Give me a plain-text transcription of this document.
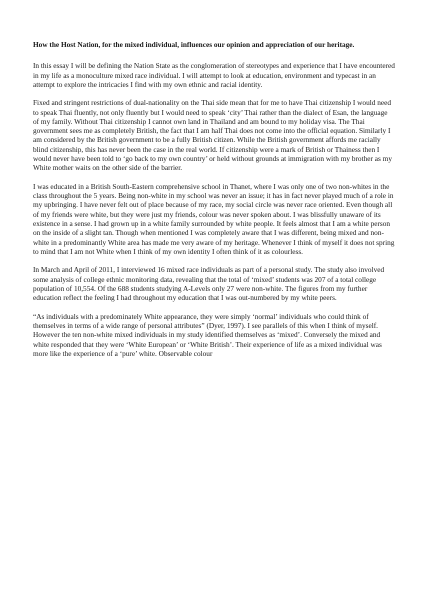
How the Host Nation, for the mixed individual, influences our opinion and appreciation of our heritage.

In this essay I will be defining the Nation State as the conglomeration of stereotypes and experience that I have encountered in my life as a monoculture mixed race individual. I will attempt to look at education, environment and typecast in an attempt to explore the intricacies I find with my own ethnic and racial identity.

Fixed and stringent restrictions of dual-nationality on the Thai side mean that for me to have Thai citizenship I would need to speak Thai fluently, not only fluently but I would need to speak ‘city’ Thai rather than the dialect of Esan, the language of my family. Without Thai citizenship I cannot own land in Thailand and am bound to my holiday visa. The Thai government sees me as completely British, the fact that I am half Thai does not come into the official equation. Similarly I am considered by the British government to be a fully British citizen. While the British government affords me racially blind citizenship, this has never been the case in the real world. If citizenship were a mark of British or Thainess then I would never have been told to ‘go back to my own country’ or held without grounds at immigration with my brother as my White mother waits on the other side of the barrier.

I was educated in a British South-Eastern comprehensive school in Thanet, where I was only one of two non-whites in the class throughout the 5 years. Being non-white in my school was never an issue; it has in fact never played much of a role in my upbringing. I have never felt out of place because of my race, my social circle was never race oriented. Even though all of my friends were white, but they were just my friends, colour was never spoken about. I was blissfully unaware of its existence in a sense. I had grown up in a white family surrounded by white people. It feels almost that I am a white person on the inside of a slight tan. Though when mentioned I was completely aware that I was different, being mixed and non-white in a predominantly White area has made me very aware of my heritage. Whenever I think of myself it does not spring to mind that I am not White when I think of my own identity I often think of it as colourless.

In March and April of 2011, I interviewed 16 mixed race individuals as part of a personal study. The study also involved some analysis of college ethnic monitoring data, revealing that the total of ‘mixed’ students was 207 of a total college population of 10,554. Of the 688 students studying A-Levels only 27 were non-white. The figures from my further education reflect the feeling I had throughout my education that I was out-numbered by my white peers.

“As individuals with a predominately White appearance, they were simply ‘normal’ individuals who could think of themselves in terms of a wide range of personal attributes” (Dyer, 1997). I see parallels of this when I think of myself. However the ten non-white mixed individuals in my study identified themselves as ‘mixed’. Conversely the mixed and white responded that they were ‘White European’ or ‘White British’. Their experience of life as a mixed individual was more like the experience of a ‘pure’ white. Observable colour
